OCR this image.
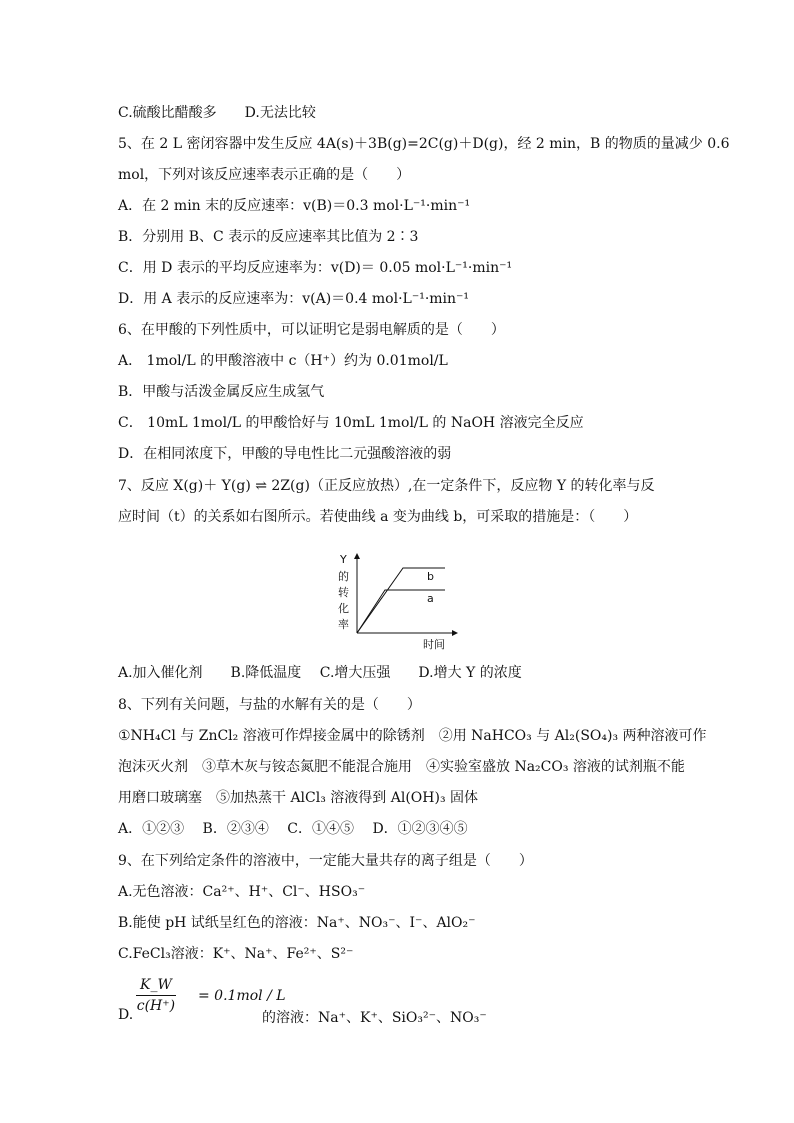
C.硫酸比醋酸多　　D.无法比较
5、在 2 L 密闭容器中发生反应 4A(s)＋3B(g)=2C(g)＋D(g)，经 2 min，B 的物质的量减少 0.6
mol，下列对该反应速率表示正确的是（　　）
A．在 2 min 末的反应速率：v(B)＝0.3 mol·L⁻¹·min⁻¹
B．分别用 B、C 表示的反应速率其比值为 2∶3
C．用 D 表示的平均反应速率为：v(D)＝ 0.05 mol·L⁻¹·min⁻¹
D．用 A 表示的反应速率为：v(A)＝0.4 mol·L⁻¹·min⁻¹
6、在甲酸的下列性质中，可以证明它是弱电解质的是（　　）
A． 1mol/L 的甲酸溶液中 c（H⁺）约为 0.01mol/L
B．甲酸与活泼金属反应生成氢气
C． 10mL 1mol/L 的甲酸恰好与 10mL 1mol/L 的 NaOH 溶液完全反应
D．在相同浓度下，甲酸的导电性比二元强酸溶液的弱
7、反应 X(g)＋ Y(g) ⇌ 2Z(g)（正反应放热）,在一定条件下，反应物 Y 的转化率与反
应时间（t）的关系如右图所示。若使曲线 a 变为曲线 b，可采取的措施是：（　　）
Y
的
转
化
率
时间
b
a
A.加入催化剂　　B.降低温度　 C.增大压强　　D.增大 Y 的浓度
8、下列有关问题，与盐的水解有关的是（　　）
①NH₄Cl 与 ZnCl₂ 溶液可作焊接金属中的除锈剂　②用 NaHCO₃ 与 Al₂(SO₄)₃ 两种溶液可作
泡沫灭火剂　③草木灰与铵态氮肥不能混合施用　④实验室盛放 Na₂CO₃ 溶液的试剂瓶不能
用磨口玻璃塞　⑤加热蒸干 AlCl₃ 溶液得到 Al(OH)₃ 固体
A．①②③　 B．②③④　 C．①④⑤　 D．①②③④⑤
9、在下列给定条件的溶液中，一定能大量共存的离子组是（　　）
A.无色溶液：Ca²⁺、H⁺、Cl⁻、HSO₃⁻
B.能使 pH 试纸呈红色的溶液：Na⁺、NO₃⁻、I⁻、AlO₂⁻
C.FeCl₃溶液：K⁺、Na⁺、Fe²⁺、S²⁻
K_W
c(H⁺)
= 0.1mol / L
D.	的溶液：Na⁺、K⁺、SiO₃²⁻、NO₃⁻
